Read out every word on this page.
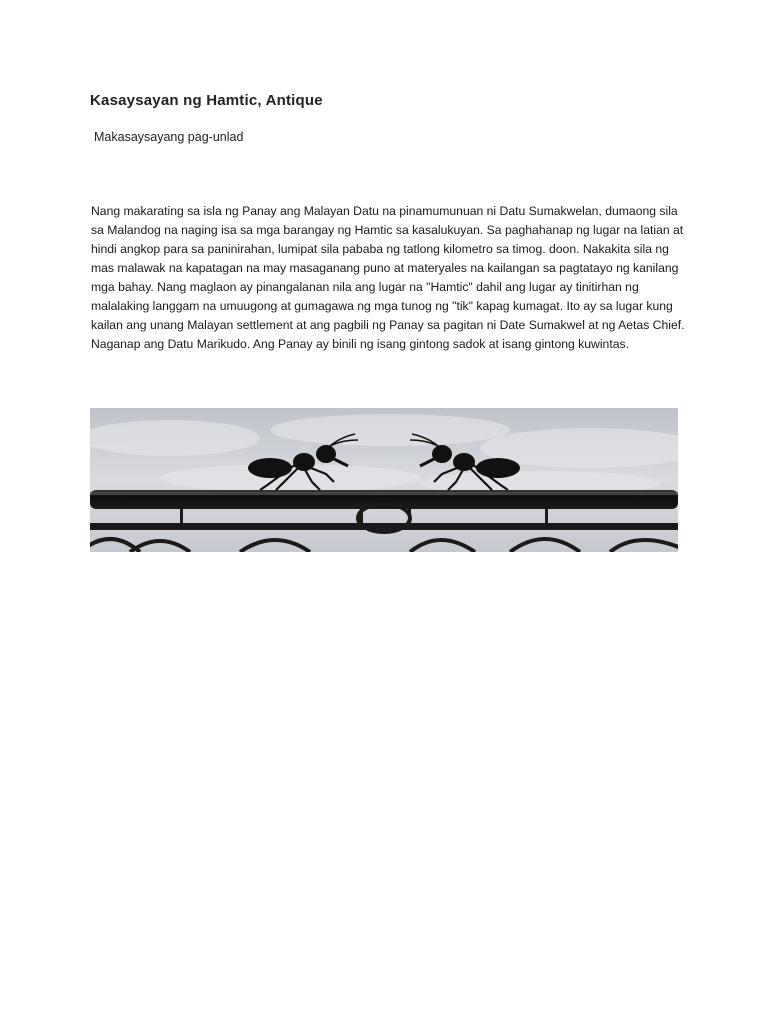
Kasaysayan ng Hamtic, Antique

Makasaysayang pag-unlad

Nang makarating sa isla ng Panay ang Malayan Datu na pinamumunuan ni Datu Sumakwelan, dumaong sila sa Malandog na naging isa sa mga barangay ng Hamtic sa kasalukuyan. Sa paghahanap ng lugar na latian at hindi angkop para sa paninirahan, lumipat sila pababa ng tatlong kilometro sa timog. doon. Nakakita sila ng mas malawak na kapatagan na may masaganang puno at materyales na kailangan sa pagtatayo ng kanilang mga bahay. Nang maglaon ay pinangalanan nila ang lugar na "Hamtic" dahil ang lugar ay tinitirhan ng malalaking langgam na umuugong at gumagawa ng mga tunog ng "tik" kapag kumagat. Ito ay sa lugar kung kailan ang unang Malayan settlement at ang pagbili ng Panay sa pagitan ni Date Sumakwel at ng Aetas Chief. Naganap ang Datu Marikudo. Ang Panay ay binili ng isang gintong sadok at isang gintong kuwintas.
